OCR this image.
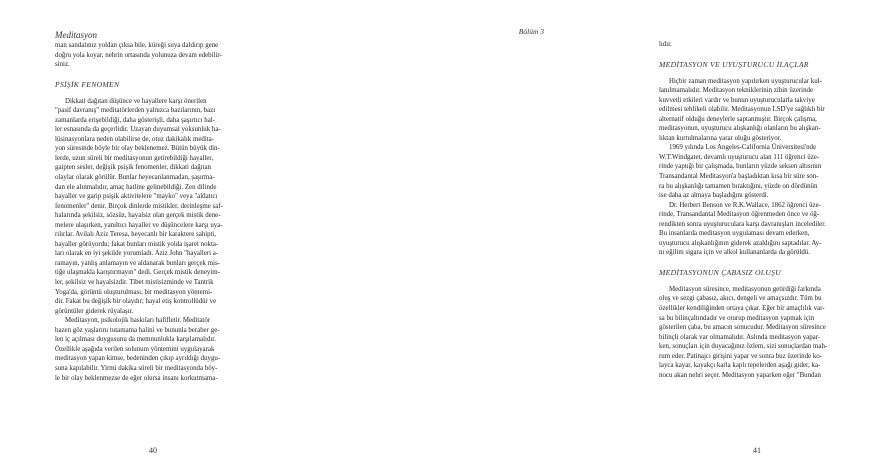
Meditasyon

man sandalınız yoldan çıksa bile, küreği suya daldırıp gene
doğru yola koyar, nehrin ortasında yolunuza devam edebilir-
siniz.

PSİŞİK FENOMEN

Dikkati dağıtan düşünce ve hayallere karşı önerilen
"pasif davranış" meditatörlerden yalnızca bazılarının, bazı
zamanlarda erişebildiği, daha gösterişli, daha şaşırtıcı hal-
ler esnasında da geçerlidir. Uzayan duyumsal yoksunluk ha-
lüsinasyonlara neden olabilirse de, otuz dakikalık medita-
yon süresinde böyle bir olay beklenemez. Bütün büyük din-
lerde, uzun süreli bir meditasyonun getirebildiği hayaller,
gaipten sesler, değişik psişik fenomenler, dikkati dağıtan
olaylar olarak görülür. Bunlar heyecanlanmadan, şaşırma-
dan ele alınmalıdır, amaç hatline gelinebildiği. Zen dilinde
hayaller ve garip psişik aktivitelere "mayko" veya "aldatıcı
fenomenler" denir. Birçok dinlerde mistikler, derinleşme saf-
halarında şekilsiz, sözsüz, hayalsiz olan gerçek mistik dene-
melere ulaşırken, yanıltıcı hayaller ve düşüncelere karşı uya-
rılırlar. Avilalı Aziz Teresa, heyecanlı bir karaktere sahipti,
hayaller görüyordu; fakat bunları mistik yolda işaret nokta-
ları olarak en iyi şekilde yorumladı. Aziz John "hayalleri a-
ramayın, yanlış anlamayın ve aldanarak bunları gerçek mis-
tiğe ulaşmakla karıştırmayın" dedi. Gerçek mistik deneyim-
ler, şekilsiz ve hayalsizdir. Tibet mistisizminde ve Tantrik
Yoga'da, görüntü oluşturulması, bir meditasyon yöntemi-
dir. Fakat bu değişik bir olaydır; hayal etiş kontrollüdür ve
görüntüler giderek rüyalaşır.

Meditasyon, psikolojik baskıları hafifletir. Meditatör
bazen göz yaşlarını tutamama halini ve bununla beraber ge-
len iç açılması duygusunu da memnunlukla karşılamalıdır.
Özellikle aşağıda verilen solunum yöntemini uygulayarak
meditasyon yapan kimse, bedeninden çıkıp ayrıldığı duygu-
suna kapılabilir. Yirmi dakika süreli bir meditasyonda böy-
le bir olay beklenmezse de eğer olursa insanı korkutmama-

40
Bölüm 3

lıdır.

MEDİTASYON VE UYUŞTURUCU İLAÇLAR

Hiçbir zaman meditasyon yapılırken uyuşturucular kul-
lanılmamalıdır. Meditasyon tekniklerinin zihin üzerinde
kuvvetli etkileri vardır ve bunun uyuşturucularla takviye
edilmesi tehlikeli olabilir. Meditasyonun LSD'ye sağlıklı bir
alternatif olduğu deneylerle saptanmıştır. Birçok çalışma,
meditasyonun, uyuşturucu alışkanlığı olanların bu alışkan-
lıktan kurtulmalarına yarar oluğu gösteriyor.

1969 yılında Los Angeles-California Üniversitesi'nde
W.T.Windgatet, devamlı uyuşturucu alan 111 öğrenci üze-
rinde yaptığı bir çalışmada, bunların yüzde seksen altısının
Transandantal Meditasyon'a başladıktan kısa bir süre son-
ra bu alışkanlığı tamamen bıraktığını, yüzde on dördünün
ise daha az almaya başladığını gösterdi.

Dr. Herbert Benson ve R.K.Wallace, 1862 öğrenci üze-
rinde, Transandantal Meditasyon öğrenmeden önce ve öğ-
rendikten sonra uyuşturuculara karşı davranışları incelediler.
Bu insanlarda meditasyon uygulaması devam ederken,
uyuşturucu alışkanlığının giderek azaldığını saptadılar. Ay-
nı eğilim sigara için ve alkol kullananlarda da görüldü.

MEDİTASYONUN ÇABASIZ OLUŞU

Meditasyon süresince, meditasyonun getirdiği farkında
oluş ve sezgi çabasız, akıcı, dengeli ve amaçsızdır. Tüm bu
özellikler kendiliğinden ortaya çıkar. Eğer bir amaçlılık var-
sa bu bilinçaltındadır ve oturup meditasyon yapmak için
gösterilen çaba, bu amacın sonucudur. Meditasyon süresince
bilinçli olarak var olmamalıdır. Aslında meditasyon yapar-
ken, sonuçları için duyacağınız özlem, sizi sonuçlardan mah-
rum eder. Patinajcı girişini yapar ve sonra buz üzerinde ko-
layca kayar, kayakçı karla kaplı tepelerden aşağı gider, ka-
nocu akan nehri seçer. Meditasyon yaparken eğer "Bundan

41
